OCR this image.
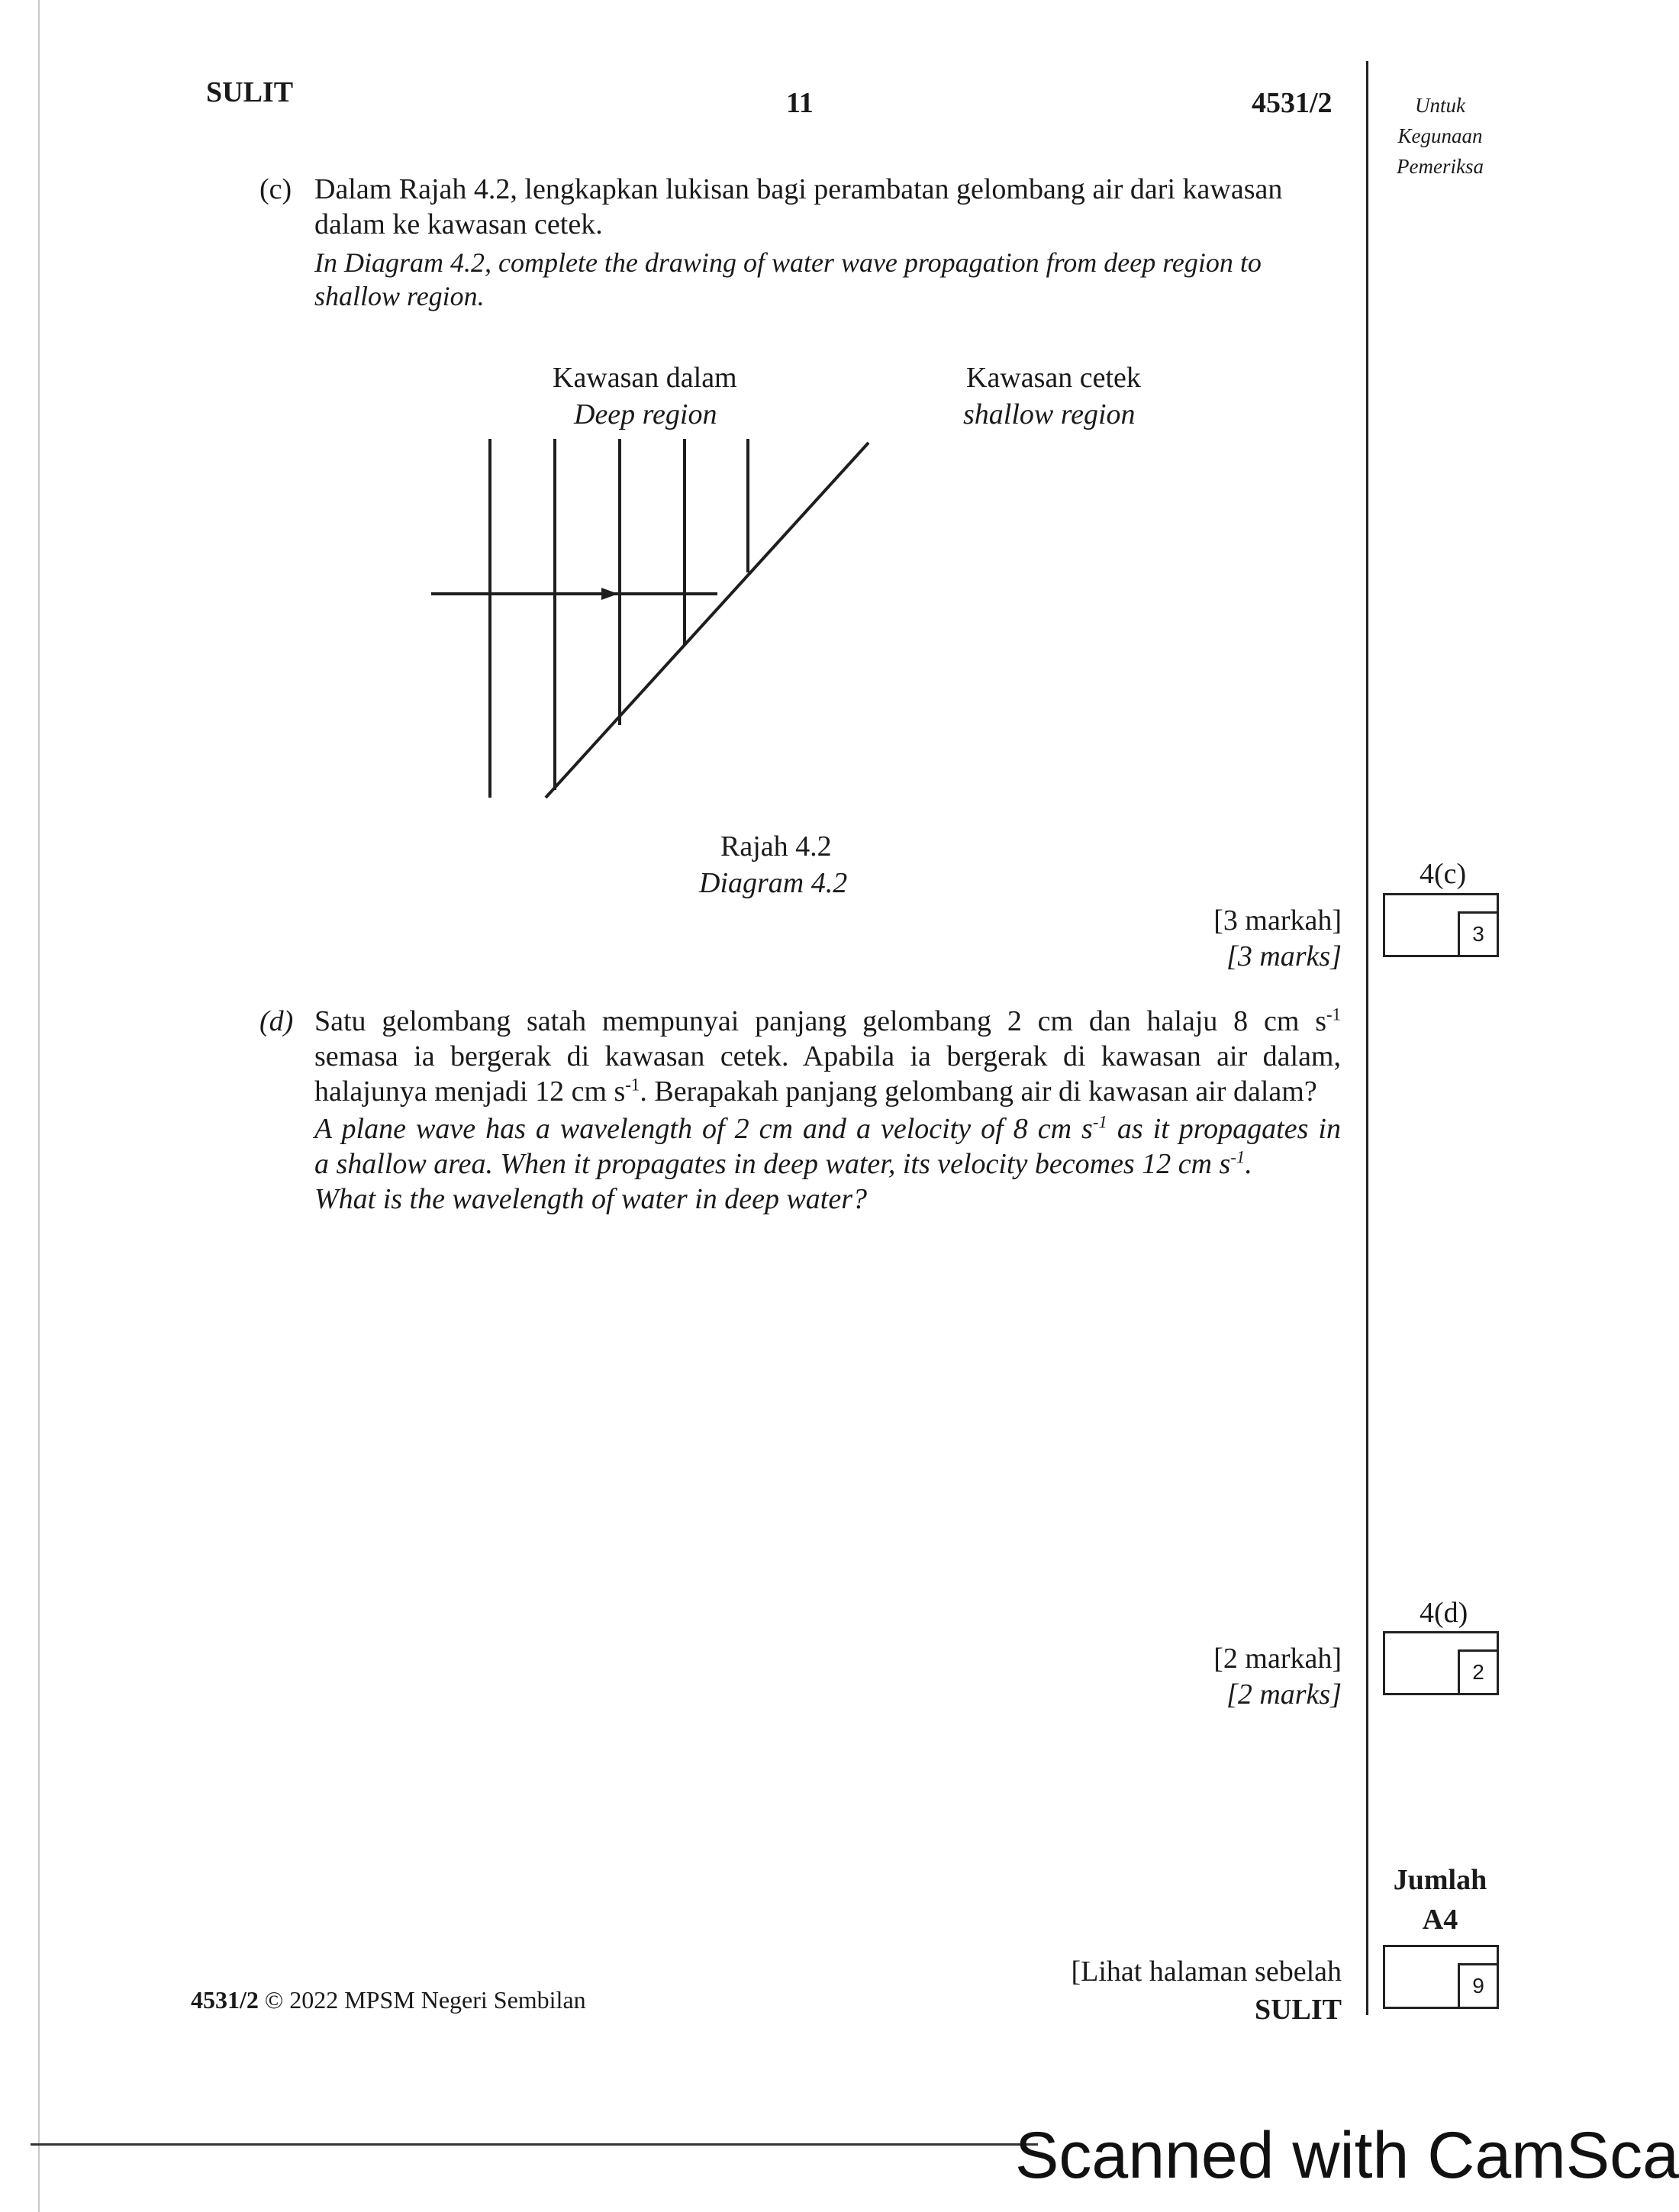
SULIT	11	4531/2	Untuk
Kegunaan
Pemeriksa
(c) Dalam Rajah 4.2, lengkapkan lukisan bagi perambatan gelombang air dari kawasan dalam ke kawasan cetek.
In Diagram 4.2, complete the drawing of water wave propagation from deep region to shallow region.
Kawasan dalam
Deep region
Kawasan cetek
shallow region
Rajah 4.2
Diagram 4.2
[3 markah]
[3 marks]
4(c)
3
(d) Satu gelombang satah mempunyai panjang gelombang 2 cm dan halaju 8 cm $s^{-1}$
semasa ia bergerak di kawasan cetek. Apabila ia bergerak di kawasan air dalam,
halajunya menjadi 12 cm $s^{-1}$. Berapakah panjang gelombang air di kawasan air dalam?
A plane wave has a wavelength of 2 cm and a velocity of 8 cm $s^{-1}$ as it propagates in
a shallow area. When it propagates in deep water, its velocity becomes 12 cm $s^{-1}$.
What is the wavelength of water in deep water?
[2 markah]
[2 marks]
4(d)
2
Jumlah
A4
9
4531/2 © 2022 MPSM Negeri Sembilan
[Lihat halaman sebelah
SULIT
Scanned with CamSca
